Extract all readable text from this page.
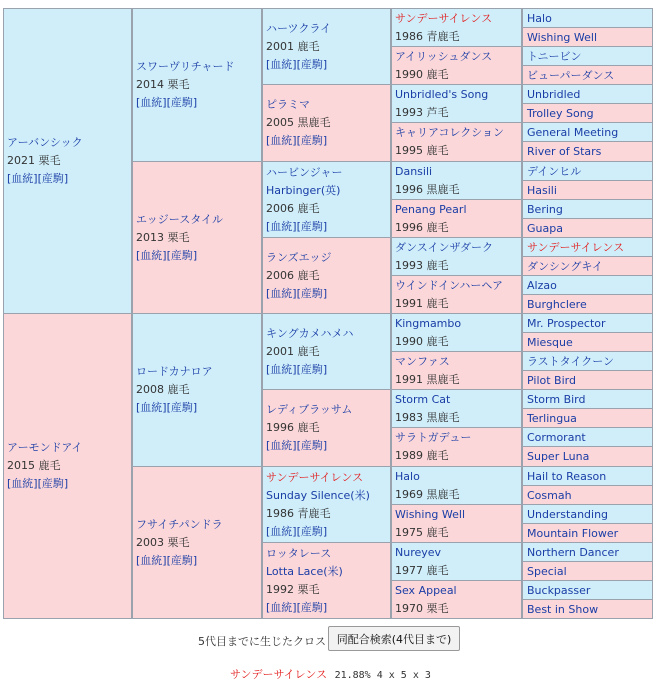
アーバンシック
2021 栗毛
[血統][産駒]
アーモンドアイ
2015 鹿毛
[血統][産駒]
スワーヴリチャード
2014 栗毛
[血統][産駒]
エッジースタイル
2013 栗毛
[血統][産駒]
ロードカナロア
2008 鹿毛
[血統][産駒]
フサイチパンドラ
2003 栗毛
[血統][産駒]
ハーツクライ
2001 鹿毛
[血統][産駒]
ピラミマ
2005 黒鹿毛
[血統][産駒]
ハービンジャー
Harbinger(英)
2006 鹿毛
[血統][産駒]
ランズエッジ
2006 鹿毛
[血統][産駒]
キングカメハメハ
2001 鹿毛
[血統][産駒]
レディブラッサム
1996 鹿毛
[血統][産駒]
サンデーサイレンス
Sunday Silence(米)
1986 青鹿毛
[血統][産駒]
ロッタレース
Lotta Lace(米)
1992 栗毛
[血統][産駒]
サンデーサイレンス
1986 青鹿毛
アイリッシュダンス
1990 鹿毛
Unbridled's Song
1993 芦毛
キャリアコレクション
1995 鹿毛
Dansili
1996 黒鹿毛
Penang Pearl
1996 鹿毛
ダンスインザダーク
1993 鹿毛
ウインドインハーヘア
1991 鹿毛
Kingmambo
1990 鹿毛
マンファス
1991 黒鹿毛
Storm Cat
1983 黒鹿毛
サラトガデュー
1989 鹿毛
Halo
1969 黒鹿毛
Wishing Well
1975 鹿毛
Nureyev
1977 鹿毛
Sex Appeal
1970 栗毛
Halo
Wishing Well
トニービン
ビューパーダンス
Unbridled
Trolley Song
General Meeting
River of Stars
デインヒル
Hasili
Bering
Guapa
サンデーサイレンス
ダンシングキイ
Alzao
Burghclere
Mr. Prospector
Miesque
ラストタイクーン
Pilot Bird
Storm Bird
Terlingua
Cormorant
Super Luna
Hail to Reason
Cosmah
Understanding
Mountain Flower
Northern Dancer
Special
Buckpasser
Best in Show
5代目までに生じたクロス 同配合検索(4代目まで)
サンデーサイレンス 21.88% 4 x 5 x 3
